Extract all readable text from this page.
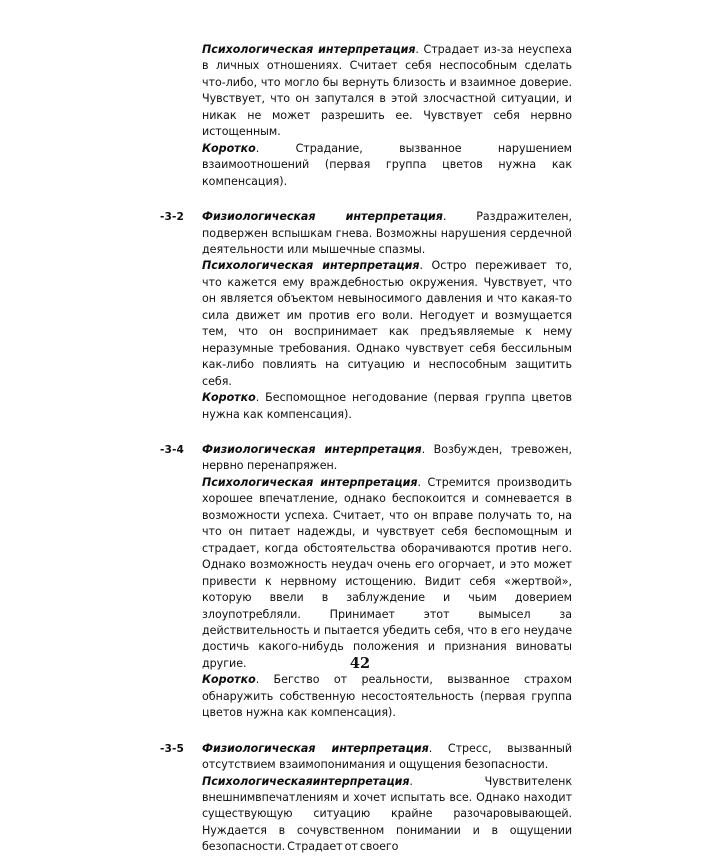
Психологическая интерпретация. Страдает из-за неуспеха в личных отношениях. Считает себя неспособным сделать что-либо, что могло бы вернуть близость и взаимное доверие. Чувствует, что он запутался в этой злосчастной ситуации, и никак не может разрешить ее. Чувствует себя нервно истощенным.

Коротко. Страдание, вызванное нарушением взаимоотношений (первая группа цветов нужна как компенсация).

-3-2	Физиологическая интерпретация. Раздражителен, подвержен вспышкам гнева. Возможны нарушения сердечной деятельности или мышечные спазмы.

Психологическая интерпретация. Остро переживает то, что кажется ему враждебностью окружения. Чувствует, что он является объектом невыносимого давления и что какая-то сила движет им против его воли. Негодует и возмущается тем, что он воспринимает как предъявляемые к нему неразумные требования. Однако чувствует себя бессильным как-либо повлиять на ситуацию и неспособным защитить себя.

Коротко. Беспомощное негодование (первая группа цветов нужна как компенсация).

-3-4	Физиологическая интерпретация. Возбужден, тревожен, нервно перенапряжен.

Психологическая интерпретация. Стремится производить хорошее впечатление, однако беспокоится и сомневается в возможности успеха. Считает, что он вправе получать то, на что он питает надежды, и чувствует себя беспомощным и страдает, когда обстоятельства оборачиваются против него. Однако возможность неудач очень его огорчает, и это может привести к нервному истощению. Видит себя «жертвой», которую ввели в заблуждение и чьим доверием злоупотребляли. Принимает этот вымысел за действительность и пытается убедить себя, что в его неудаче достичь какого-нибудь положения и признания виноваты другие.

Коротко. Бегство от реальности, вызванное страхом обнаружить собственную несостоятельность (первая группа цветов нужна как компенсация).

-3-5	Физиологическая интерпретация. Стресс, вызванный отсутствием взаимопонимания и ощущения безопасности.

Психологическаяинтерпретация. Чувствителенк внешнимвпечатлениям и хочет испытать все. Однако находит существующую ситуацию крайне разочаровывающей. Нуждается в сочувственном понимании и в ощущении безопасности. Страдает от своего

42
